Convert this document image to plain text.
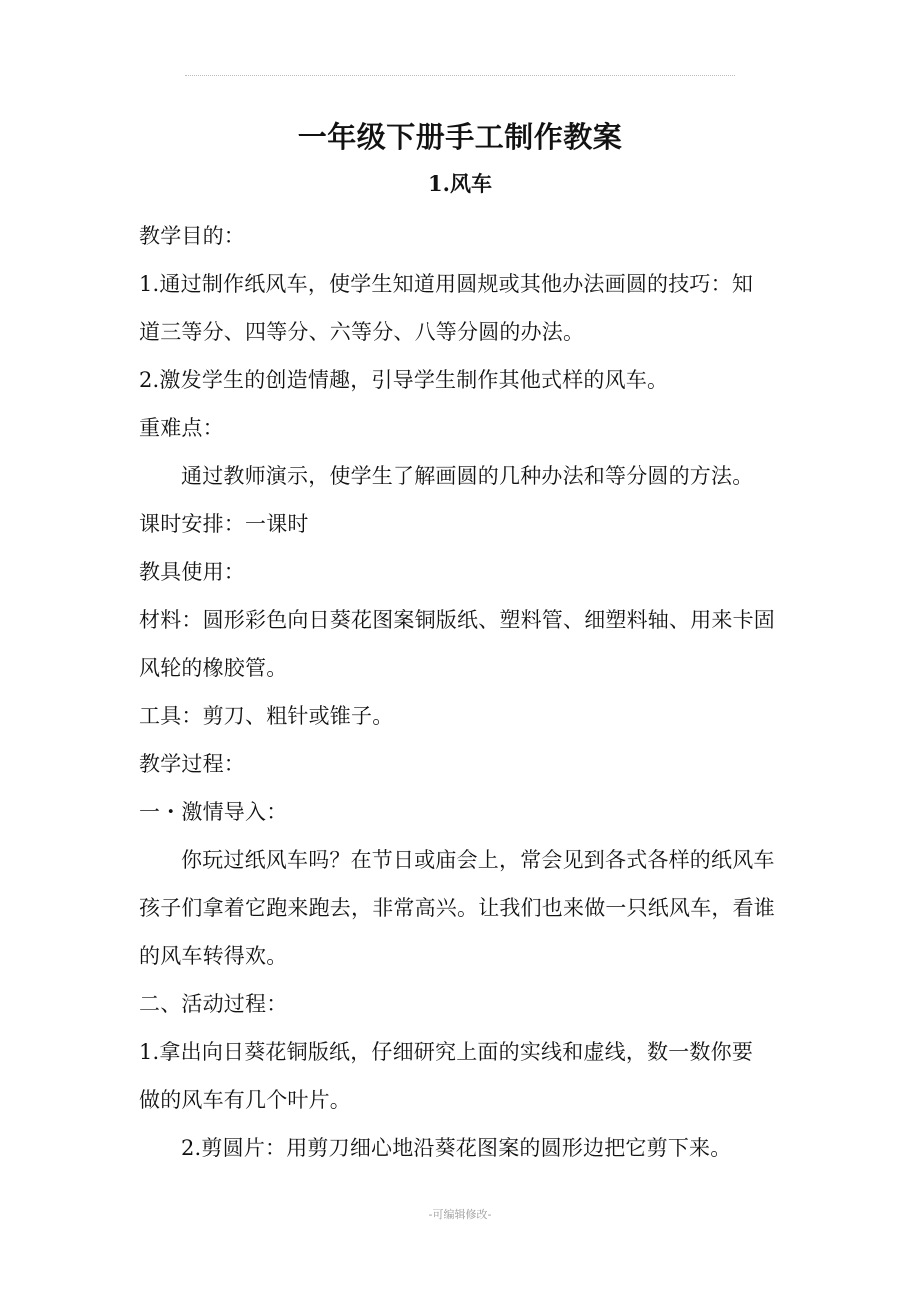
一年级下册手工制作教案
1.风车
教学目的：
1.通过制作纸风车，使学生知道用圆规或其他办法画圆的技巧：知
道三等分、四等分、六等分、八等分圆的办法。
2.激发学生的创造情趣，引导学生制作其他式样的风车。
重难点：
通过教师演示，使学生了解画圆的几种办法和等分圆的方法。
课时安排：一课时
教具使用：
材料：圆形彩色向日葵花图案铜版纸、塑料管、细塑料轴、用来卡固
风轮的橡胶管。
工具：剪刀、粗针或锥子。
教学过程：
一・激情导入：
你玩过纸风车吗？在节日或庙会上，常会见到各式各样的纸风车
孩子们拿着它跑来跑去，非常高兴。让我们也来做一只纸风车，看谁
的风车转得欢。
二、活动过程：
1.拿出向日葵花铜版纸，仔细研究上面的实线和虚线，数一数你要
做的风车有几个叶片。
2.剪圆片：用剪刀细心地沿葵花图案的圆形边把它剪下来。
-可编辑修改-
